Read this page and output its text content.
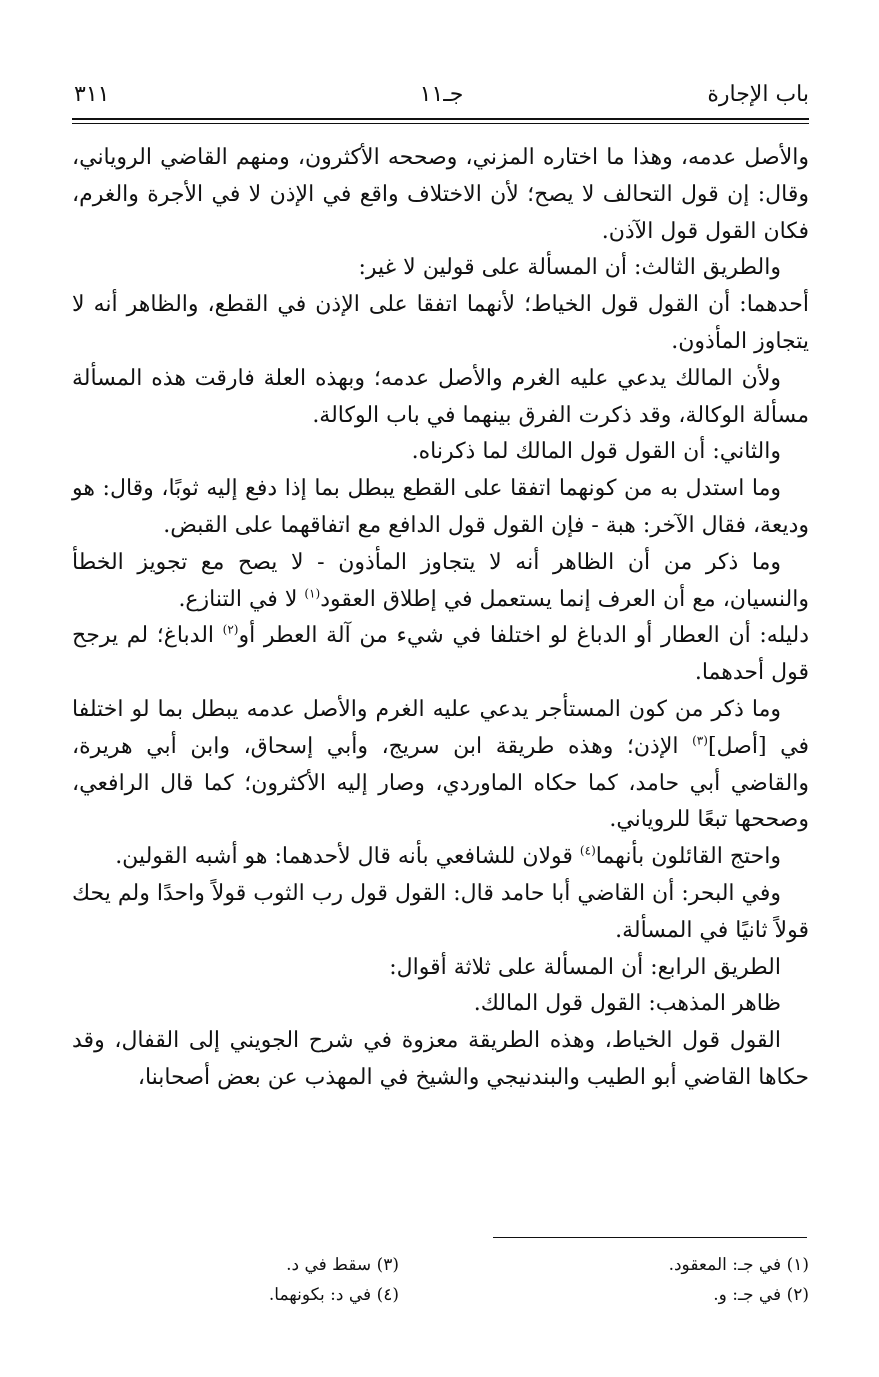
باب الإجارة
جـ١١
٣١١

والأصل عدمه، وهذا ما اختاره المزني، وصححه الأكثرون، ومنهم القاضي الروياني، وقال: إن قول التحالف لا يصح؛ لأن الاختلاف واقع في الإذن لا في الأجرة والغرم، فكان القول قول الآذن.

والطريق الثالث: أن المسألة على قولين لا غير:

أحدهما: أن القول قول الخياط؛ لأنهما اتفقا على الإذن في القطع، والظاهر أنه لا يتجاوز المأذون.

ولأن المالك يدعي عليه الغرم والأصل عدمه؛ وبهذه العلة فارقت هذه المسألة مسألة الوكالة، وقد ذكرت الفرق بينهما في باب الوكالة.

والثاني: أن القول قول المالك لما ذكرناه.

وما استدل به من كونهما اتفقا على القطع يبطل بما إذا دفع إليه ثوبًا، وقال: هو وديعة، فقال الآخر: هبة - فإن القول قول الدافع مع اتفاقهما على القبض.

وما ذكر من أن الظاهر أنه لا يتجاوز المأذون - لا يصح مع تجويز الخطأ والنسيان، مع أن العرف إنما يستعمل في إطلاق العقود$^{(١)}$ لا في التنازع.

دليله: أن العطار أو الدباغ لو اختلفا في شيء من آلة العطر أو$^{(٢)}$ الدباغ؛ لم يرجح قول أحدهما.

وما ذكر من كون المستأجر يدعي عليه الغرم والأصل عدمه يبطل بما لو اختلفا في [أصل]$^{(٣)}$ الإذن؛ وهذه طريقة ابن سريج، وأبي إسحاق، وابن أبي هريرة، والقاضي أبي حامد، كما حكاه الماوردي، وصار إليه الأكثرون؛ كما قال الرافعي، وصححها تبعًا للروياني.

واحتج القائلون بأنهما$^{(٤)}$ قولان للشافعي بأنه قال لأحدهما: هو أشبه القولين.

وفي البحر: أن القاضي أبا حامد قال: القول قول رب الثوب قولاً واحدًا ولم يحك قولاً ثانيًا في المسألة.

الطريق الرابع: أن المسألة على ثلاثة أقوال:

ظاهر المذهب: القول قول المالك.

القول قول الخياط، وهذه الطريقة معزوة في شرح الجويني إلى القفال، وقد حكاها القاضي أبو الطيب والبندنيجي والشيخ في المهذب عن بعض أصحابنا،

(١) في جـ: المعقود.
(٢) في جـ: و.
(٣) سقط في د.
(٤) في د: بكونهما.
